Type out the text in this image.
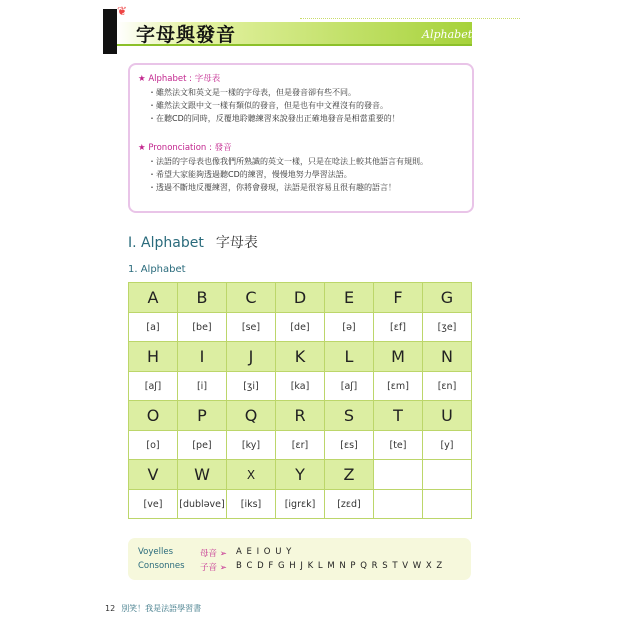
❦
字母與發音	Alphabet
★ Alphabet : 字母表
・雖然法文和英文是一樣的字母表，但是發音卻有些不同。
・雖然法文跟中文一樣有類似的發音，但是也有中文裡沒有的發音。
・在聽CD的同時，反覆地聆聽練習來說發出正確地發音是相當重要的！
★ Prononciation : 發音
・法語的字母表也像我們所熟識的英文一樣，只是在唸法上較其他語言有規則。
・希望大家能夠透過聽CD的練習，慢慢地努力學習法語。
・透過不斷地反覆練習，你將會發現，法語是很容易且很有趣的語言！
I. Alphabet 字母表
1. Alphabet
A	B	C	D	E	F	G
[a]	[be]	[se]	[de]	[ə]	[ɛf]	[ʒe]
H	I	J	K	L	M	N
[aʃ]	[i]	[ʒi]	[ka]	[aʃ]	[ɛm]	[ɛn]
O	P	Q	R	S	T	U
[o]	[pe]	[ky]	[ɛr]	[ɛs]	[te]	[y]
V	W	X	Y	Z		
[ve]	[dubləve]	[iks]	[igrɛk]	[zɛd]		
Voyelles	母音 ➢ A E I O U Y
Consonnes 子音 ➢ B C D F G H J K L M N P Q R S T V W X Z
12 別笑！我是法語學習書
